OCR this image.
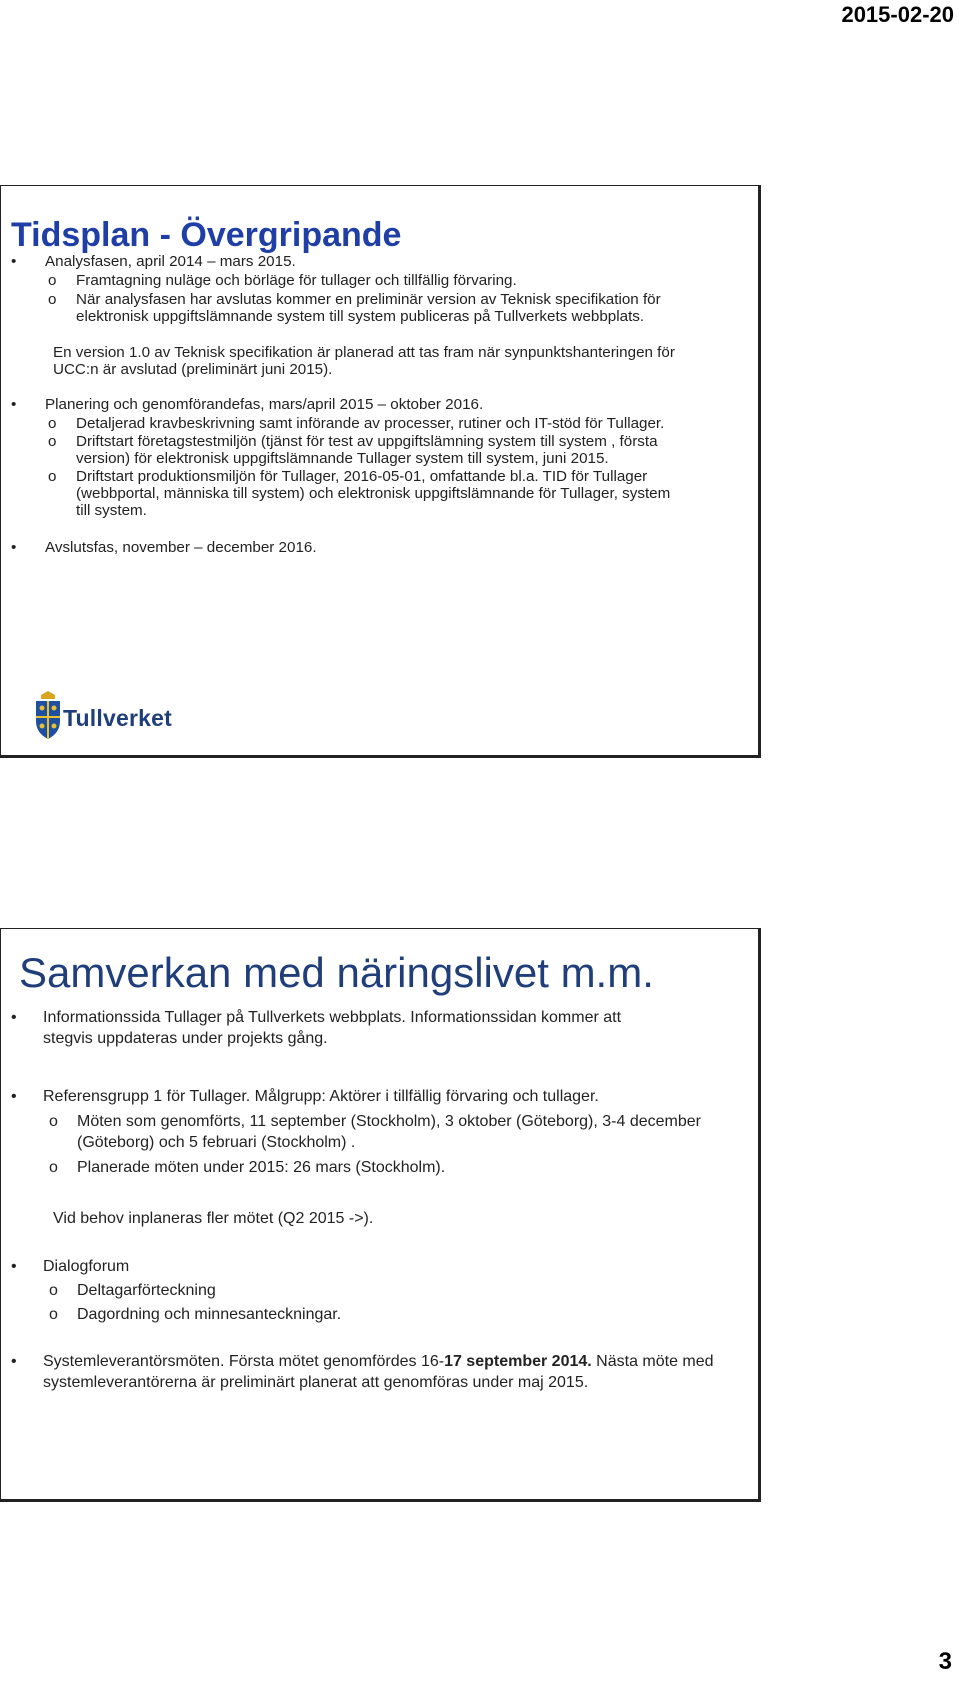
2015-02-20
Tidsplan - Övergripande
• Analysfasen, april 2014 – mars 2015.
o Framtagning nuläge och börläge för tullager och tillfällig förvaring.
o När analysfasen har avslutas kommer en preliminär version av Teknisk specifikation för
elektronisk uppgiftslämnande system till system publiceras på Tullverkets webbplats.
En version 1.0 av Teknisk specifikation är planerad att tas fram när synpunktshanteringen för
UCC:n är avslutad (preliminärt juni 2015).
• Planering och genomförandefas, mars/april 2015 – oktober 2016.
o Detaljerad kravbeskrivning samt införande av processer, rutiner och IT-stöd för Tullager.
o Driftstart företagstestmiljön (tjänst för test av uppgiftslämning system till system , första
version) för elektronisk uppgiftslämnande Tullager system till system, juni 2015.
o Driftstart produktionsmiljön för Tullager, 2016-05-01, omfattande bl.a. TID för Tullager
(webbportal, människa till system) och elektronisk uppgiftslämnande för Tullager, system
till system.
• Avslutsfas, november – december 2016.
Tullverket
Samverkan med näringslivet m.m.
• Informationssida Tullager på Tullverkets webbplats. Informationssidan kommer att
stegvis uppdateras under projekts gång.
• Referensgrupp 1 för Tullager. Målgrupp: Aktörer i tillfällig förvaring och tullager.
o Möten som genomförts, 11 september (Stockholm), 3 oktober (Göteborg), 3-4 december
(Göteborg) och 5 februari (Stockholm) .
o Planerade möten under 2015: 26 mars (Stockholm).
Vid behov inplaneras fler mötet (Q2 2015 ->).
• Dialogforum
o Deltagarförteckning
o Dagordning och minnesanteckningar.
• Systemleverantörsmöten. Första mötet genomfördes 16-17 september 2014. Nästa möte med
systemleverantörerna är preliminärt planerat att genomföras under maj 2015.
3
